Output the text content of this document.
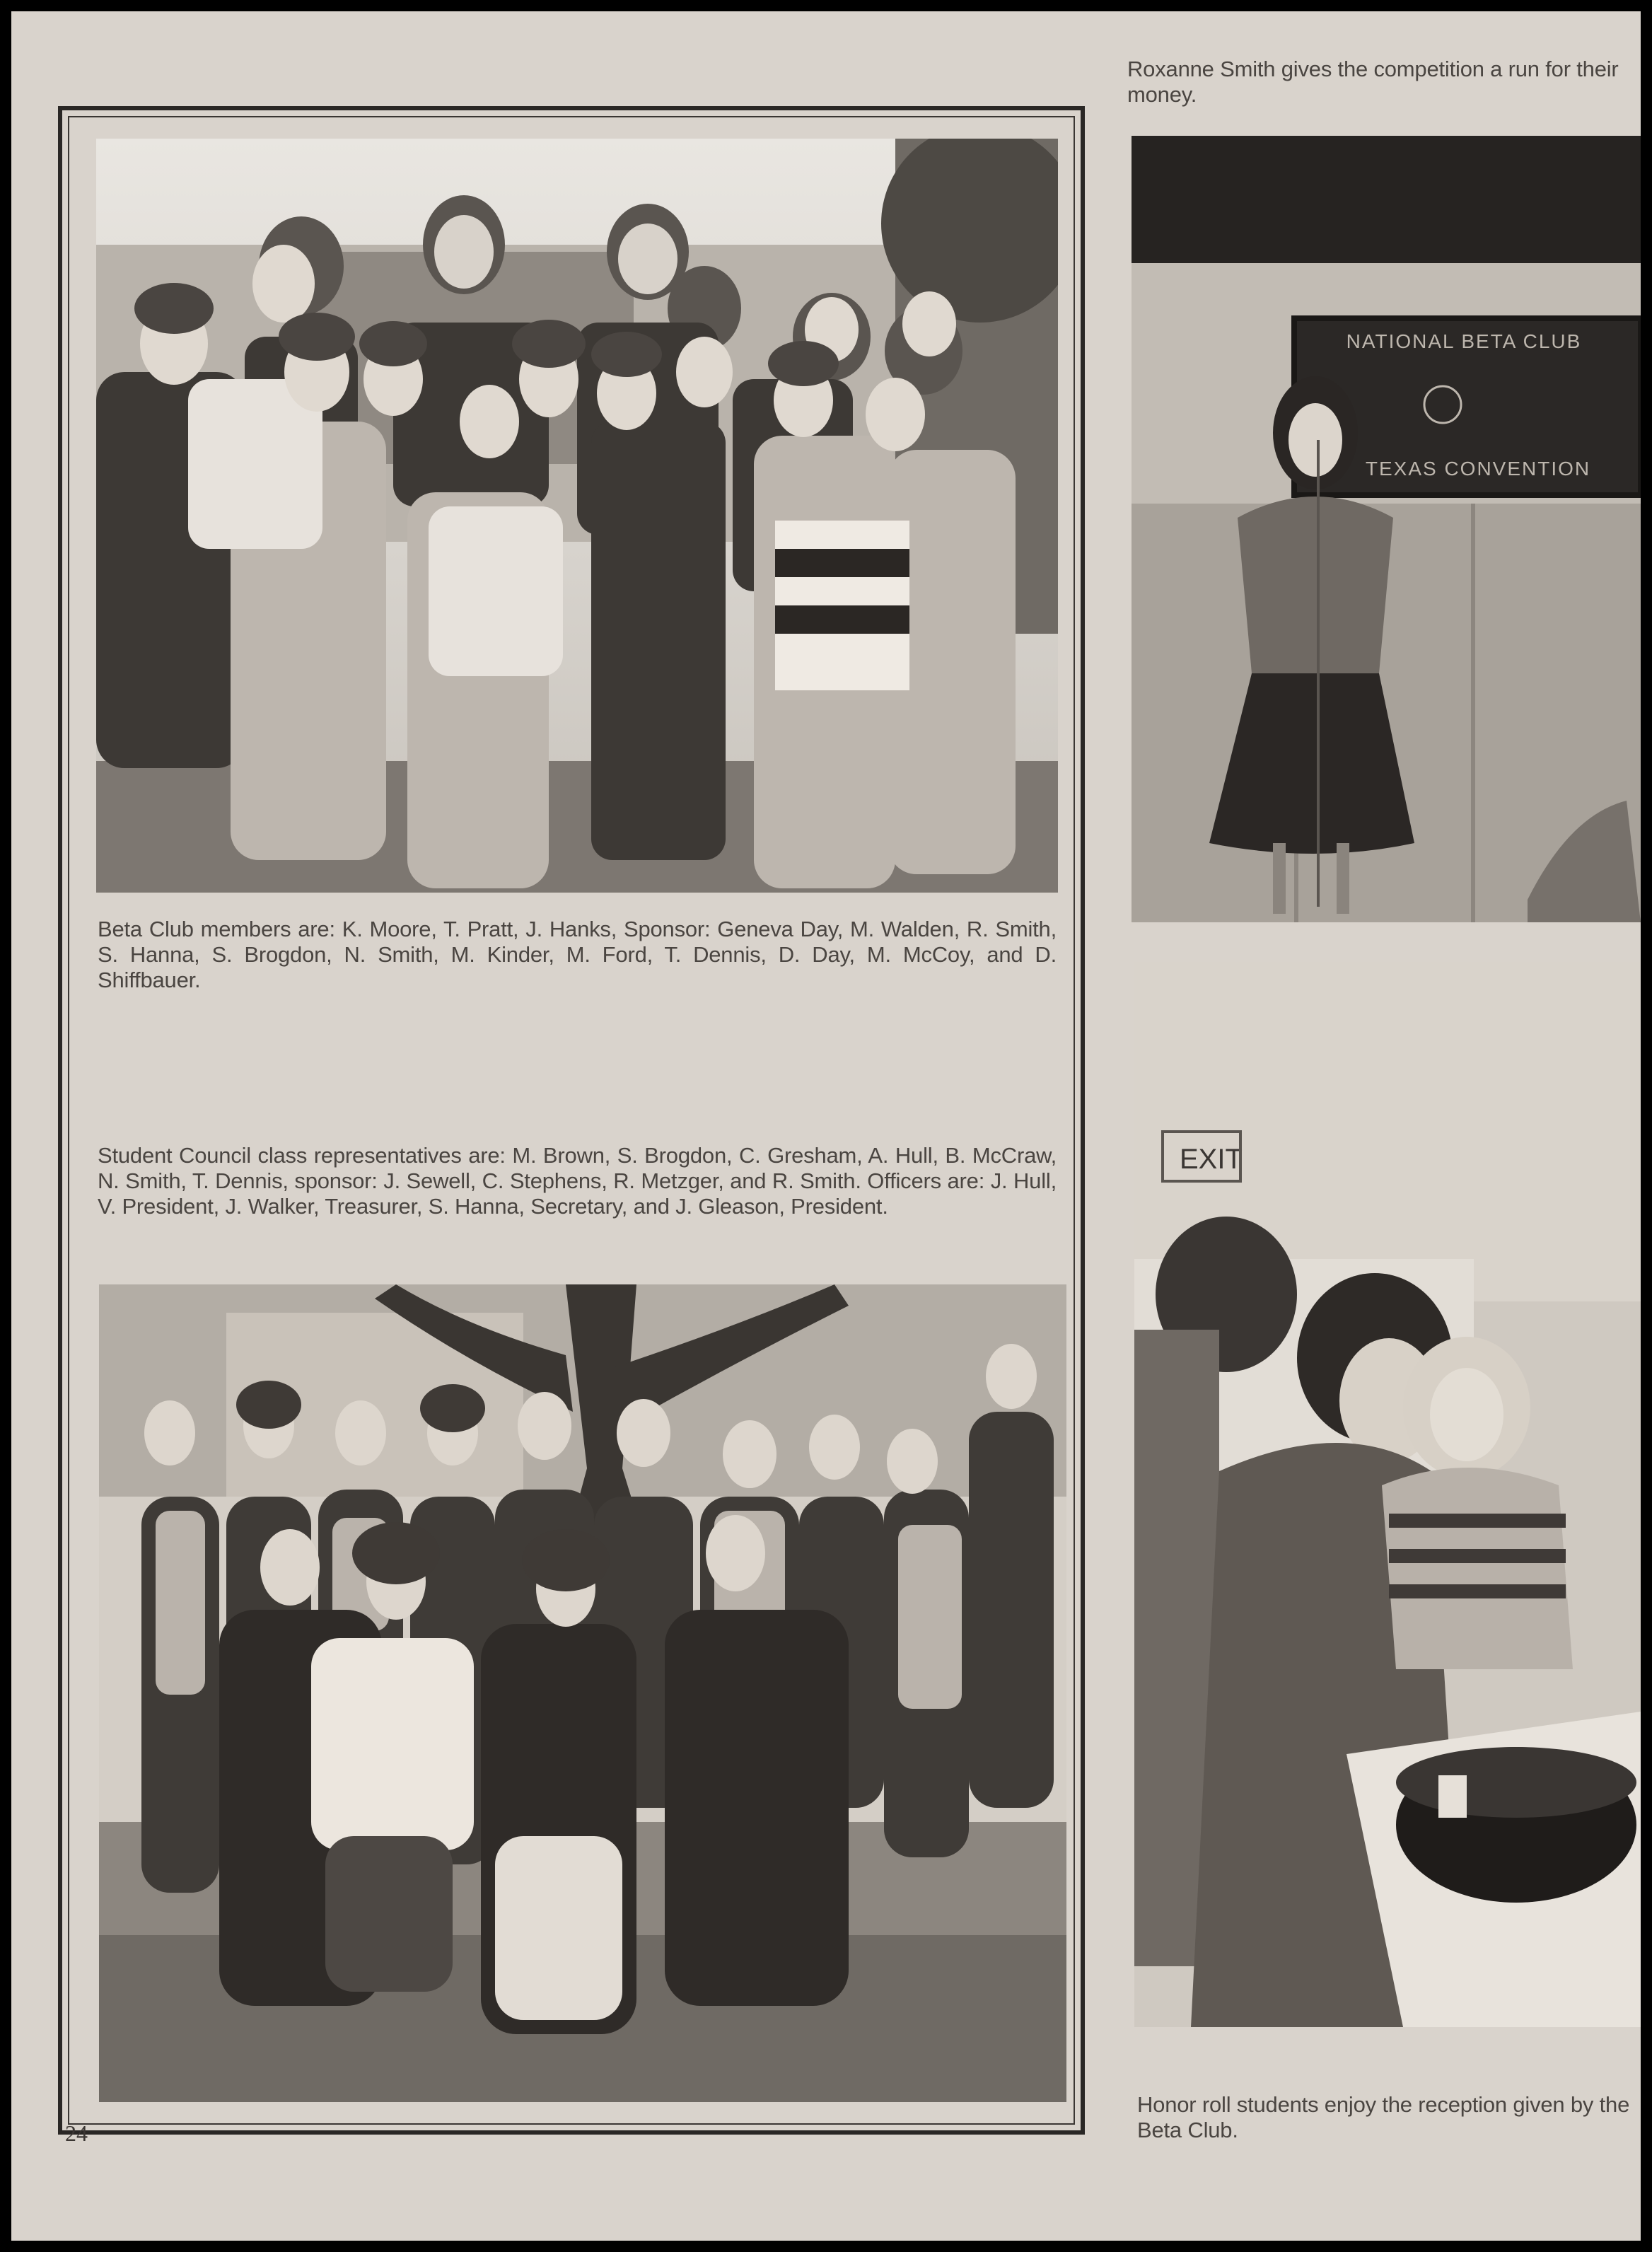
Beta Club members are: K. Moore, T. Pratt, J. Hanks, Sponsor: Geneva Day, M. Walden, R. Smith, S. Hanna, S. Brogdon, N. Smith, M. Kinder, M. Ford, T. Dennis, D. Day, M. McCoy, and D. Shiffbauer.

Student Council class representatives are: M. Brown, S. Brogdon, C. Gresham, A. Hull, B. McCraw, N. Smith, T. Dennis, sponsor: J. Sewell, C. Stephens, R. Metzger, and R. Smith. Officers are: J. Hull, V. President, J. Walker, Treasurer, S. Hanna, Secretary, and J. Gleason, President.

Roxanne Smith gives the competition a run for their money.

NATIONAL BETA CLUB
TEXAS CONVENTION
EXIT

Honor roll students enjoy the reception given by the Beta Club.

24
